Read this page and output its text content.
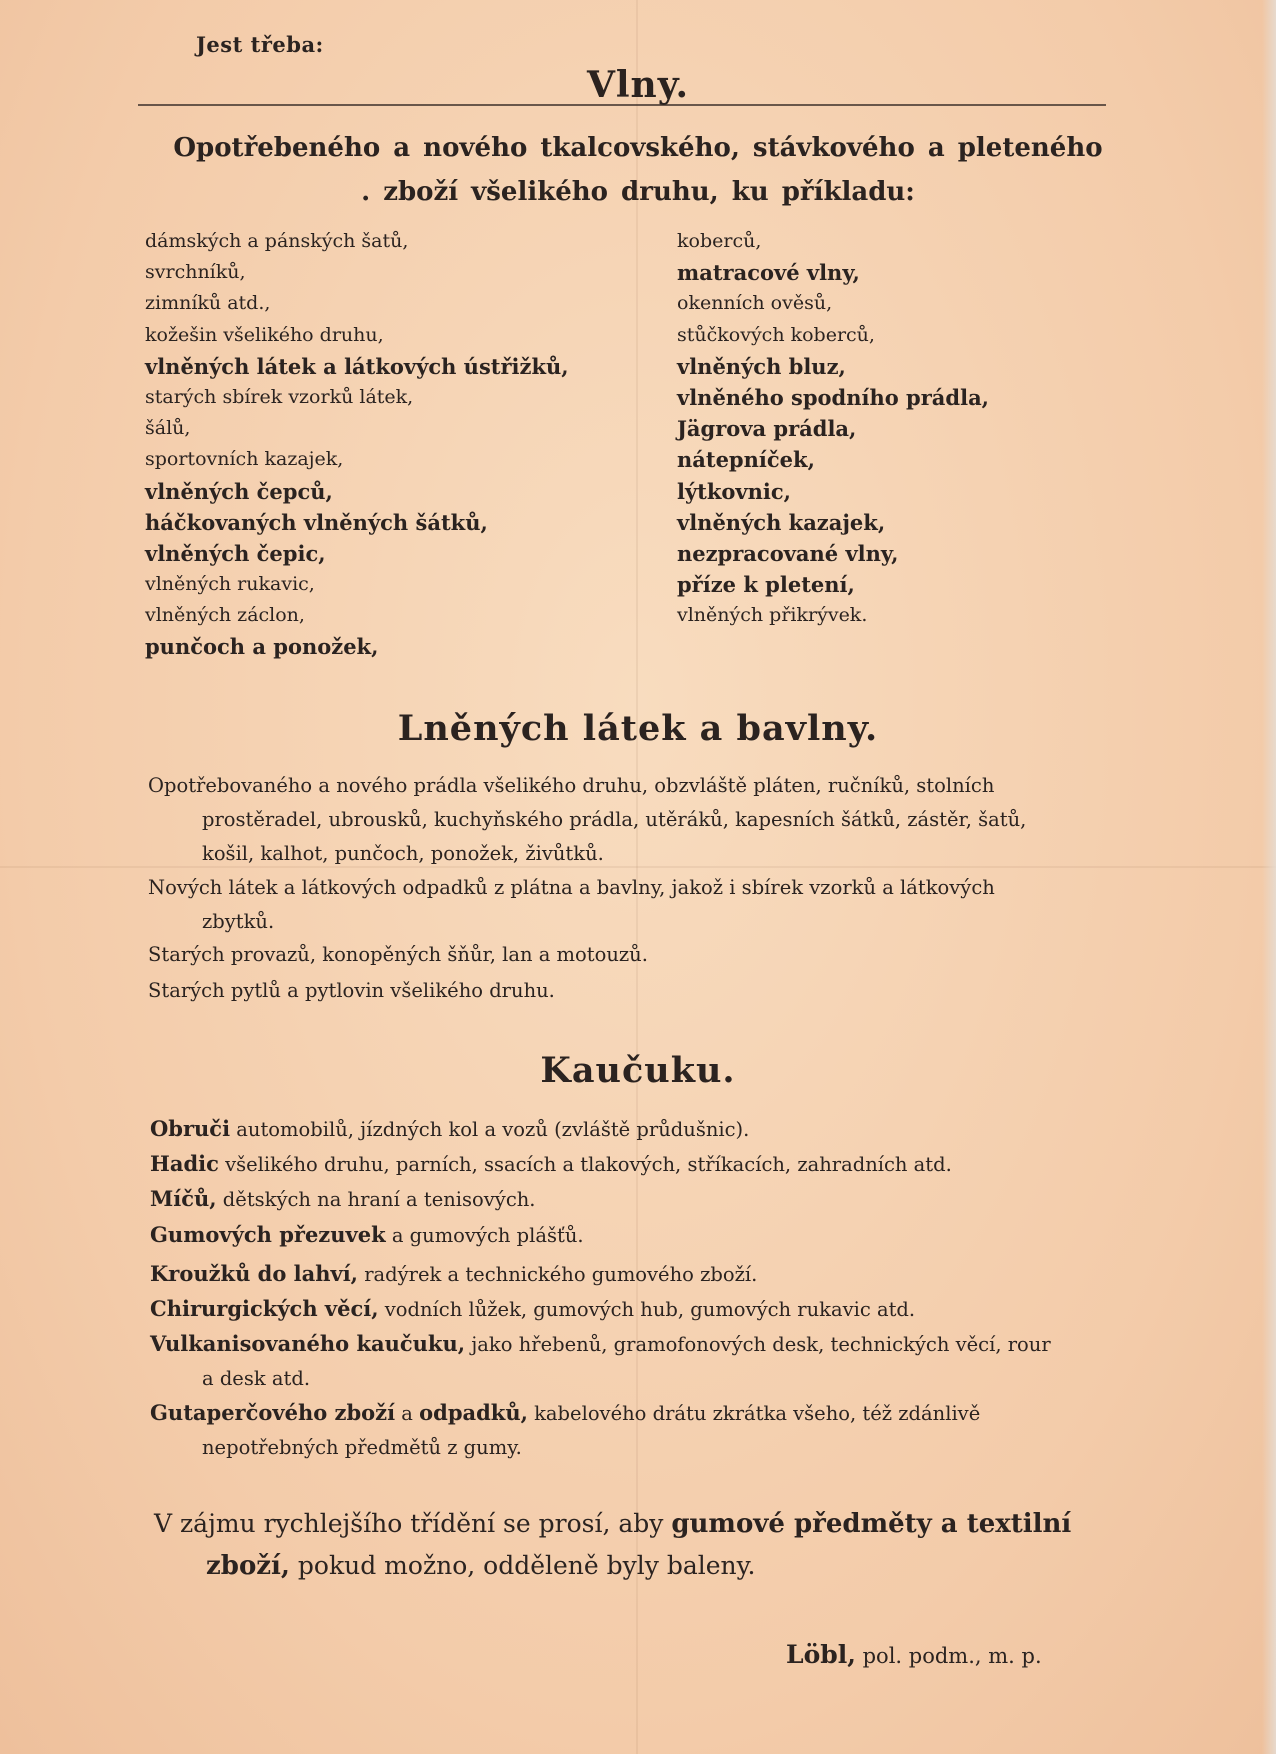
Jest třeba:
Vlny.
Opotřebeného a nového tkalcovského, stávkového a pleteného
. zboží všelikého druhu, ku příkladu:
dámských a pánských šatů,
svrchníků,
zimníků atd.,
kožešin všelikého druhu,
vlněných látek a látkových ústřižků,
starých sbírek vzorků látek,
šálů,
sportovních kazajek,
vlněných čepců,
háčkovaných vlněných šátků,
vlněných čepic,
vlněných rukavic,
vlněných záclon,
punčoch a ponožek,
koberců,
matracové vlny,
okenních ověsů,
stůčkových koberců,
vlněných bluz,
vlněného spodního prádla,
Jägrova prádla,
nátepníček,
lýtkovnic,
vlněných kazajek,
nezpracované vlny,
příze k pletení,
vlněných přikrývek.
Lněných látek a bavlny.
Opotřebovaného a nového prádla všelikého druhu, obzvláště pláten, ručníků, stolních
prostěradel, ubrousků, kuchyňského prádla, utěráků, kapesních šátků, zástěr, šatů,
košil, kalhot, punčoch, ponožek, živůtků.
Nových látek a látkových odpadků z plátna a bavlny, jakož i sbírek vzorků a látkových
zbytků.
Starých provazů, konopěných šňůr, lan a motouzů.
Starých pytlů a pytlovin všelikého druhu.
Kaučuku.
Obruči automobilů, jízdných kol a vozů (zvláště průdušnic).
Hadic všelikého druhu, parních, ssacích a tlakových, stříkacích, zahradních atd.
Míčů, dětských na hraní a tenisových.
Gumových přezuvek a gumových plášťů.
Kroužků do lahví, radýrek a technického gumového zboží.
Chirurgických věcí, vodních lůžek, gumových hub, gumových rukavic atd.
Vulkanisovaného kaučuku, jako hřebenů, gramofonových desk, technických věcí, rour
a desk atd.
Gutaperčového zboží a odpadků, kabelového drátu zkrátka všeho, též zdánlivě
nepotřebných předmětů z gumy.
V zájmu rychlejšího třídění se prosí, aby gumové předměty a textilní
zboží, pokud možno, odděleně byly baleny.
Löbl, pol. podm., m. p.
